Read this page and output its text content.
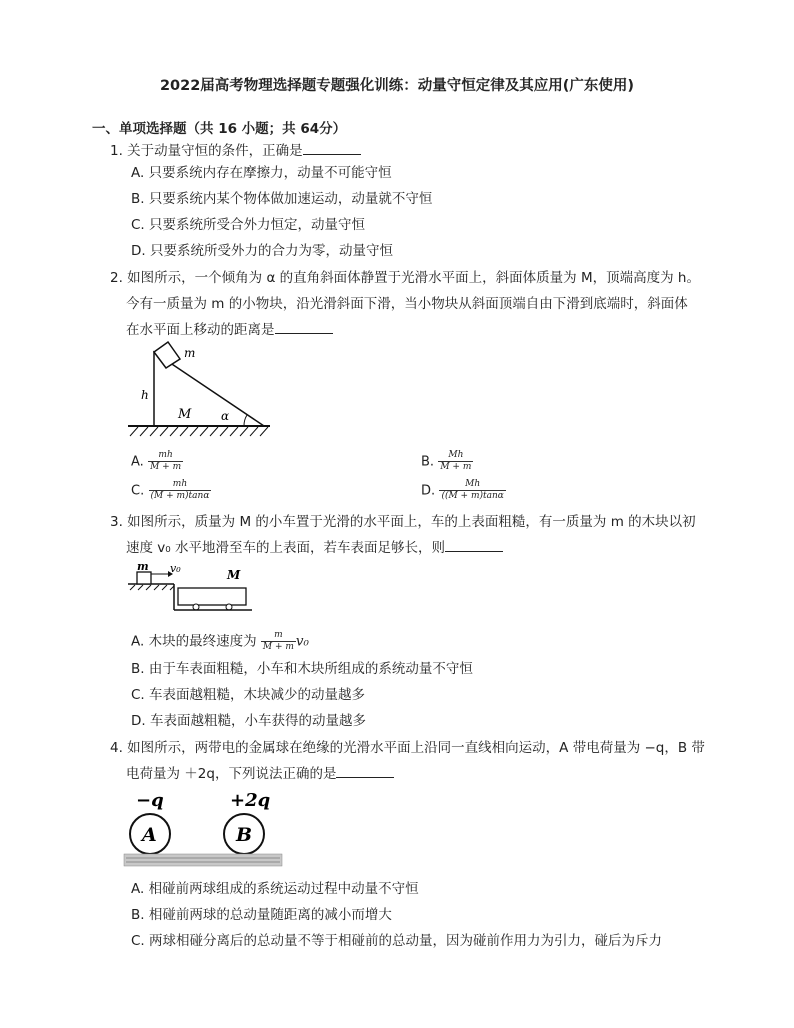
2022届高考物理选择题专题强化训练：动量守恒定律及其应用(广东使用)
一、单项选择题（共 16 小题；共 64分）
1. 关于动量守恒的条件，正确是
A. 只要系统内存在摩擦力，动量不可能守恒
B. 只要系统内某个物体做加速运动，动量就不守恒
C. 只要系统所受合外力恒定，动量守恒
D. 只要系统所受外力的合力为零，动量守恒
2. 如图所示，一个倾角为 α 的直角斜面体静置于光滑水平面上，斜面体质量为 M，顶端高度为 h。
今有一质量为 m 的小物块，沿光滑斜面下滑，当小物块从斜面顶端自由下滑到底端时，斜面体
在水平面上移动的距离是
m
h
M α
A. $\frac{mh}{M + m}$	B. $\frac{Mh}{M + m}$
C. $\frac{mh}{(M + m)\tan\alpha}$	D. $\frac{Mh}{((M + m)\tan\alpha}$
3. 如图所示，质量为 M 的小车置于光滑的水平面上，车的上表面粗糙，有一质量为 m 的木块以初
速度 v₀ 水平地滑至车的上表面，若车表面足够长，则
m v₀	M
A. 木块的最终速度为 $\frac{m}{M + m} v_0$
B. 由于车表面粗糙，小车和木块所组成的系统动量不守恒
C. 车表面越粗糙，木块减少的动量越多
D. 车表面越粗糙，小车获得的动量越多
4. 如图所示，两带电的金属球在绝缘的光滑水平面上沿同一直线相向运动，A 带电荷量为 −q，B 带
电荷量为 ＋2q，下列说法正确的是
−q	+2q
A	B
A. 相碰前两球组成的系统运动过程中动量不守恒
B. 相碰前两球的总动量随距离的减小而增大
C. 两球相碰分离后的总动量不等于相碰前的总动量，因为碰前作用力为引力，碰后为斥力
